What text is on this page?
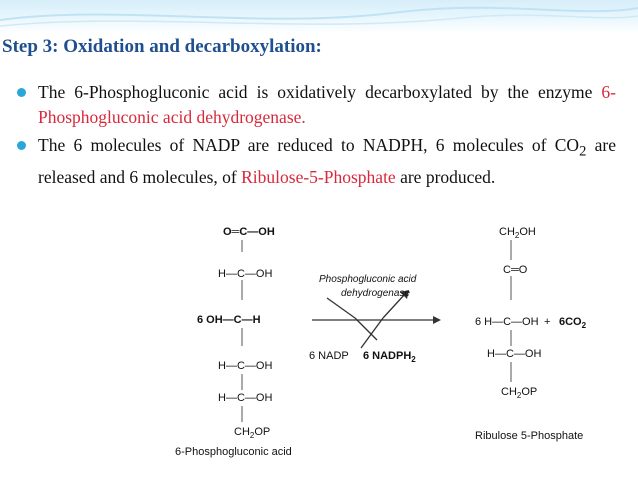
Step 3: Oxidation and decarboxylation:
The 6-Phosphogluconic acid is oxidatively decarboxylated by the enzyme 6-Phosphogluconic acid dehydrogenase.
The 6 molecules of NADP are reduced to NADPH, 6 molecules of $CO_2$ are released and 6 molecules, of Ribulose-5-Phosphate are produced.
O═C—OH
H—C—OH
6 OH—C—H
H—C—OH
H—C—OH
$CH_2OP$
6-Phosphogluconic acid
Phosphogluconic acid
dehydrogenase
6 NADP 6 $NADPH_2$
$CH_2OH$
C═O
6 H—C—OH + $6CO_2$
H—C—OH
$CH_2OP$
Ribulose 5-Phosphate
